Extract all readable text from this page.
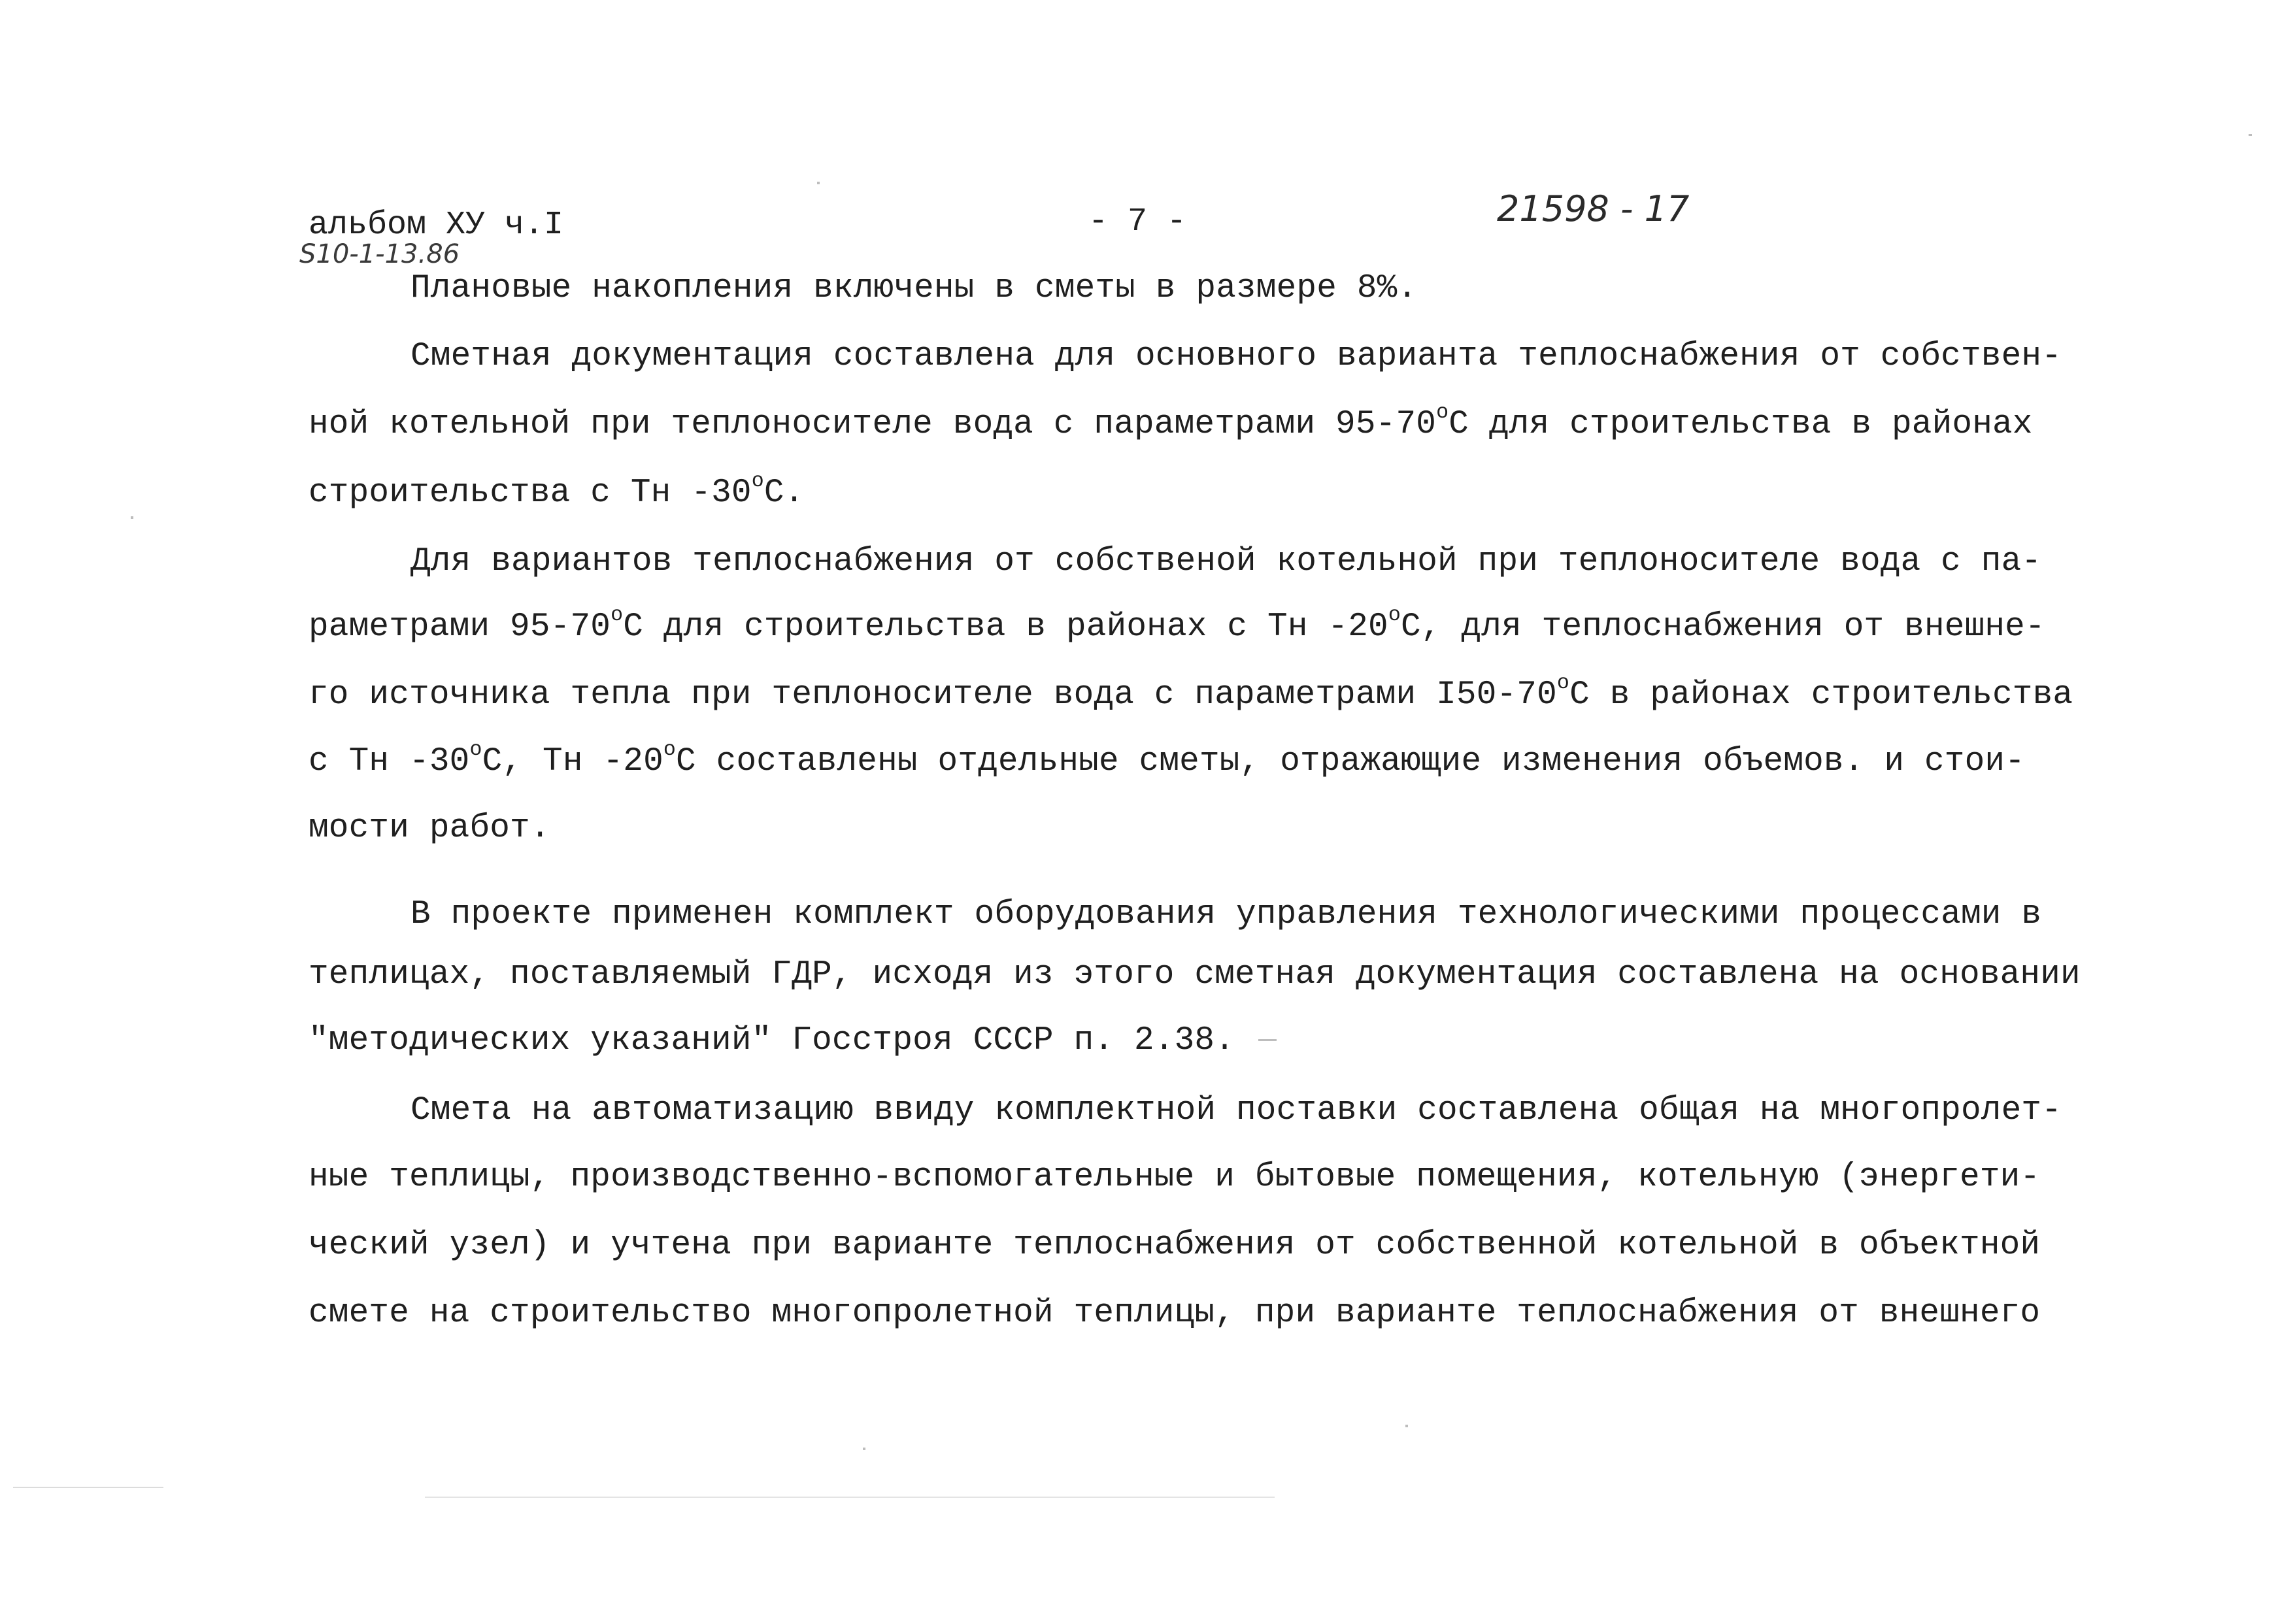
альбом ХУ ч.I
Ѕ10-1-13.86
- 7 -	21598 - 17
Плановые накопления включены в сметы в размере 8%.
Сметная документация составлена для основного варианта теплоснабжения от собствен-
ной котельной при теплоносителе вода с параметрами $95-70^оС$ для строительства в районах
строительства с Тн $-30^оС$.
Для вариантов теплоснабжения от собственой котельной при теплоносителе вода с па-
раметрами $95-70^оС$ для строительства в районах с Тн $-20^оС$, для теплоснабжения от внешне-
го источника тепла при теплоносителе вода с параметрами $I50-70^оС$ в районах строительства
с Тн $-30^оС$, Тн $-20^оС$ составлены отдельные сметы, отражающие изменения объемов. и стои-
мости работ.
В проекте применен комплект оборудования управления технологическими процессами в
теплицах, поставляемый ГДР, исходя из этого сметная документация составлена на основании
"методических указаний" Госстроя СССР п. 2.38.
Смета на автоматизацию ввиду комплектной поставки составлена общая на многопролет-
ные теплицы, производственно-вспомогательные и бытовые помещения, котельную (энергети-
ческий узел) и учтена при варианте теплоснабжения от собственной котельной в объектной
смете на строительство многопролетной теплицы, при варианте теплоснабжения от внешнего
